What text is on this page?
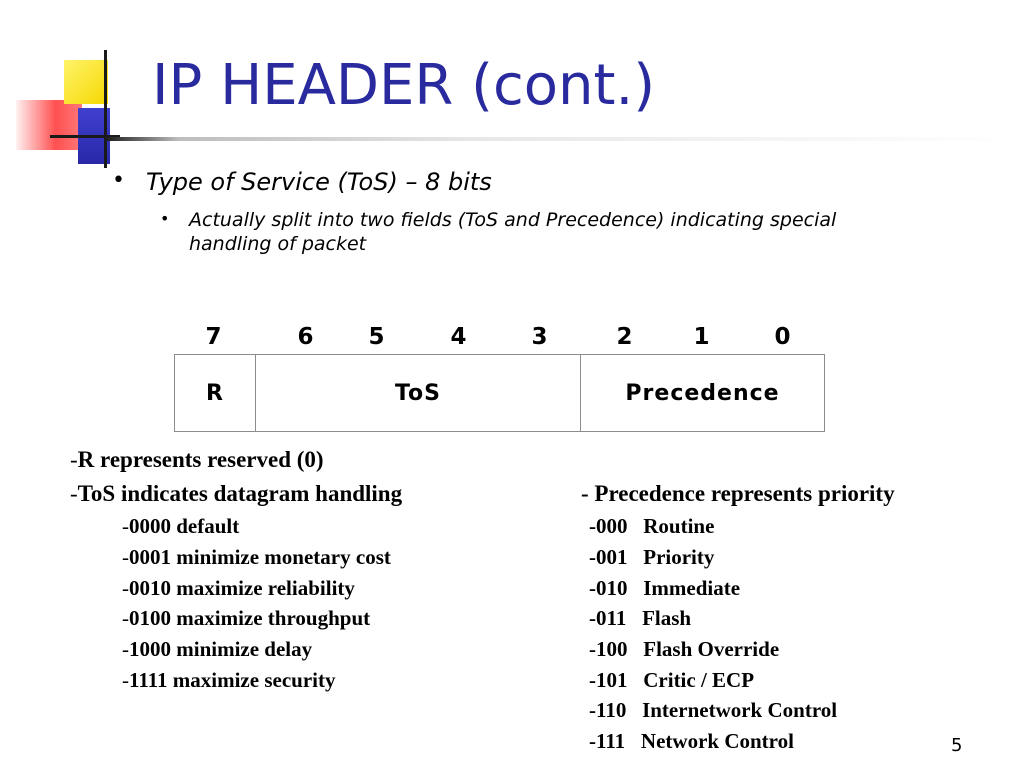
IP HEADER (cont.)
• Type of Service (ToS) – 8 bits
• Actually split into two fields (ToS and Precedence) indicating special handling of packet
7	6 5	4	3	2	1	0
R	ToS	Precedence
-R represents reserved (0)
-ToS indicates datagram handling
-0000 default
-0001 minimize monetary cost
-0010 maximize reliability
-0100 maximize throughput
-1000 minimize delay
-1111 maximize security
- Precedence represents priority
-000   Routine
-001   Priority
-010   Immediate
-011   Flash
-100   Flash Override
-101   Critic / ECP
-110   Internetwork Control
-111   Network Control	5
